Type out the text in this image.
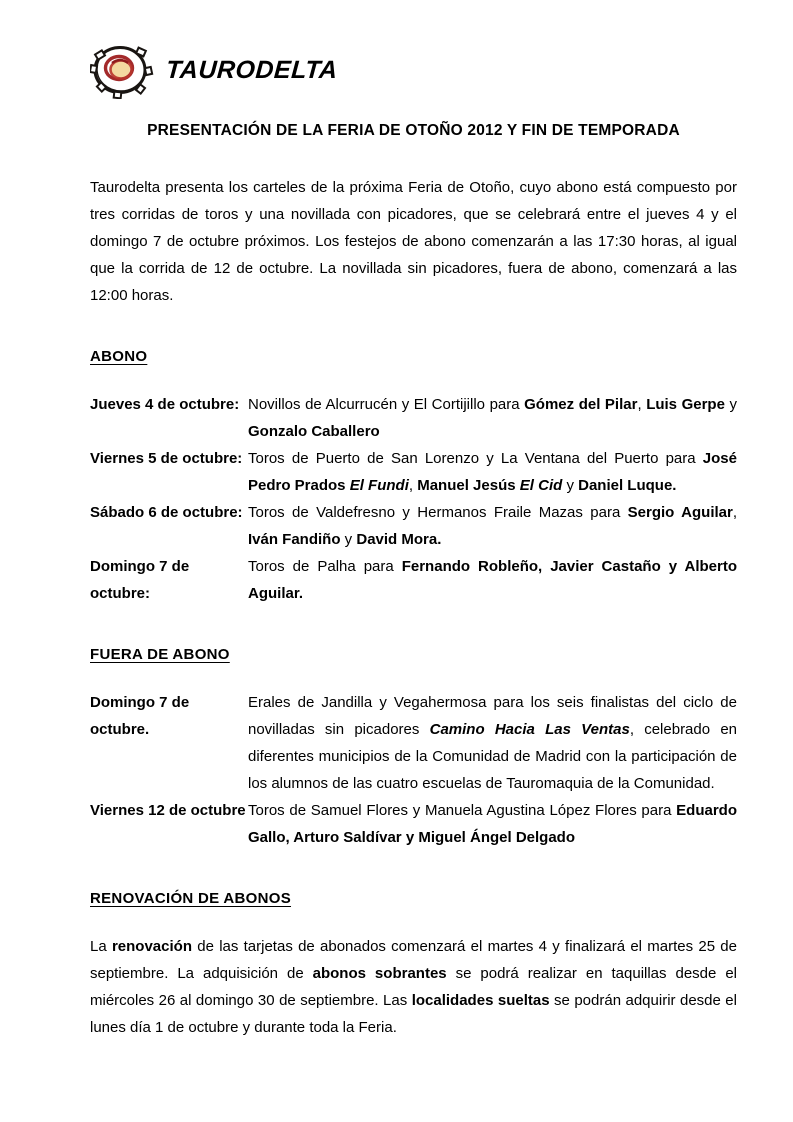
TAURODELTA
PRESENTACIÓN DE LA FERIA DE OTOÑO 2012 Y FIN DE TEMPORADA

Taurodelta presenta los carteles de la próxima Feria de Otoño, cuyo abono está compuesto por tres corridas de toros y una novillada con picadores, que se celebrará entre el jueves 4 y el domingo 7 de octubre próximos. Los festejos de abono comenzarán a las 17:30 horas, al igual que la corrida de 12 de octubre. La novillada sin picadores, fuera de abono, comenzará a las 12:00 horas.

ABONO
Jueves 4 de octubre: Novillos de Alcurrucén y El Cortijillo para Gómez del Pilar, Luis Gerpe y Gonzalo Caballero
Viernes 5 de octubre: Toros de Puerto de San Lorenzo y La Ventana del Puerto para José Pedro Prados El Fundi, Manuel Jesús El Cid y Daniel Luque.
Sábado 6 de octubre: Toros de Valdefresno y Hermanos Fraile Mazas para Sergio Aguilar, Iván Fandiño y David Mora.
Domingo 7 de octubre:
Toros de Palha para Fernando Robleño, Javier Castaño y Alberto Aguilar.
FUERA DE ABONO
Domingo 7 de octubre.
Erales de Jandilla y Vegahermosa para los seis finalistas del ciclo de novilladas sin picadores Camino Hacia Las Ventas, celebrado en diferentes municipios de la Comunidad de Madrid con la participación de los alumnos de las cuatro escuelas de Tauromaquia de la Comunidad.
Viernes 12 de octubre Toros de Samuel Flores y Manuela Agustina López Flores para Eduardo Gallo, Arturo Saldívar y Miguel Ángel Delgado
RENOVACIÓN DE ABONOS

La renovación de las tarjetas de abonados comenzará el martes 4 y finalizará el martes 25 de septiembre. La adquisición de abonos sobrantes se podrá realizar en taquillas desde el miércoles 26 al domingo 30 de septiembre. Las localidades sueltas se podrán adquirir desde el lunes día 1 de octubre y durante toda la Feria.
